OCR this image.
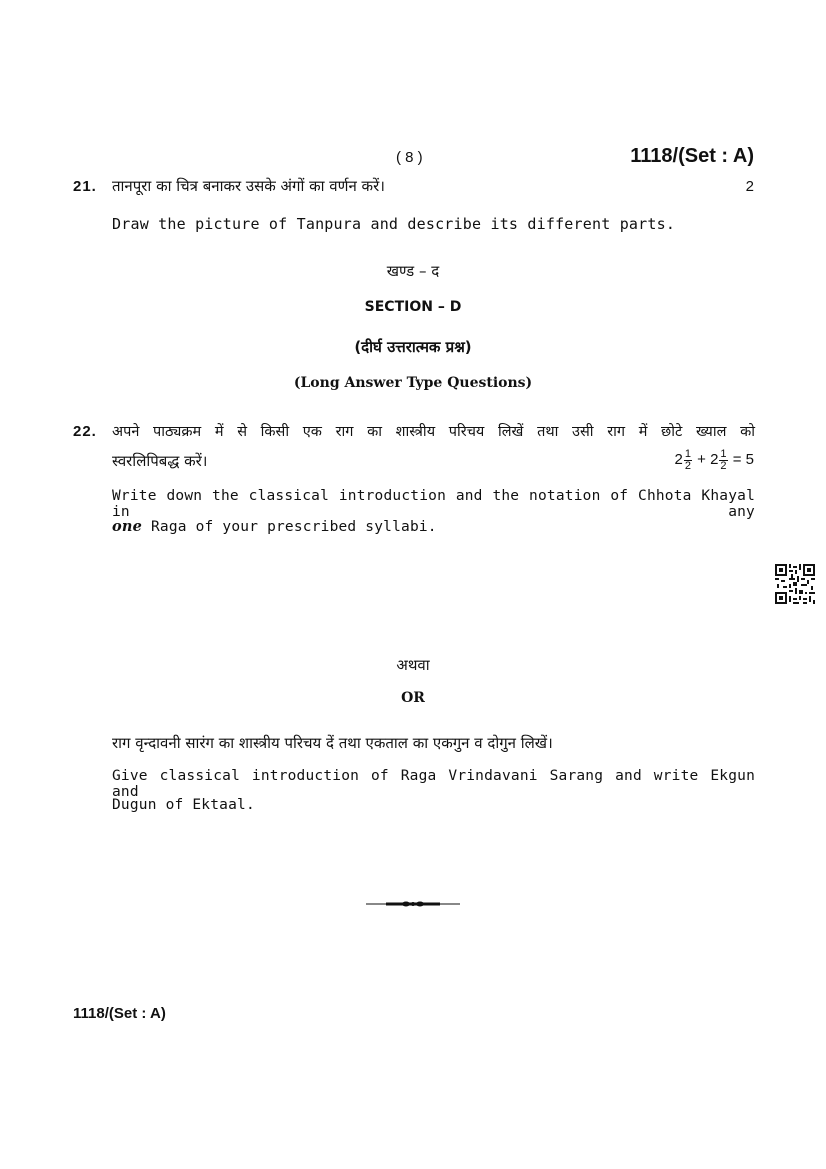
( 8 )	1118/(Set : A)
21. तानपूरा का चित्र बनाकर उसके अंगों का वर्णन करें।	2
Draw the picture of Tanpura and describe its different parts.
खण्ड – द
SECTION – D
(दीर्घ उत्तरात्मक प्रश्न)
(Long Answer Type Questions)
22. अपने पाठ्यक्रम में से किसी एक राग का शास्त्रीय परिचय लिखें तथा उसी राग में छोटे ख्याल को
स्वरलिपिबद्ध करें।	$2 \frac{1}{2} + 2 \frac{1}{2} = 5$
Write down the classical introduction and the notation of Chhota Khayal in any
one Raga of your prescribed syllabi.
अथवा
OR
राग वृन्दावनी सारंग का शास्त्रीय परिचय दें तथा एकताल का एकगुन व दोगुन लिखें।
Give classical introduction of Raga Vrindavani Sarang and write Ekgun and
Dugun of Ektaal.
1118/(Set : A)
